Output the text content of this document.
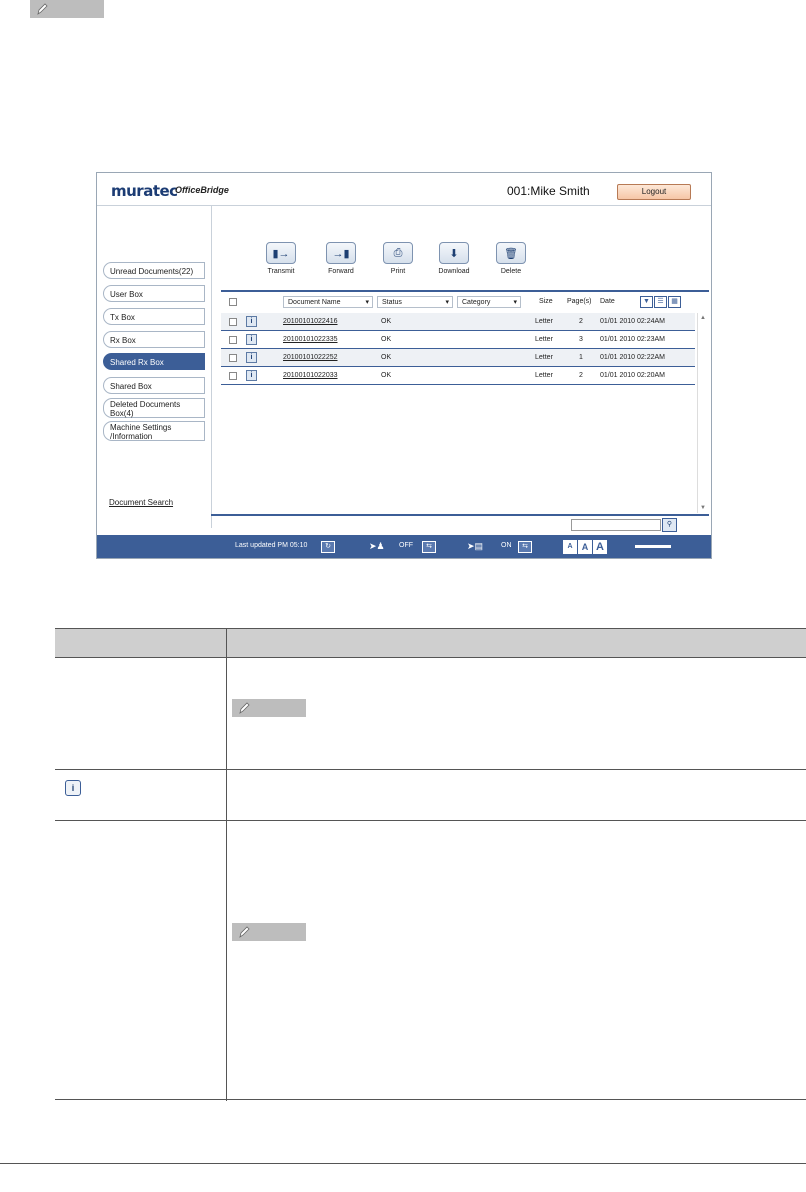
muratec
OfficeBridge	001:Mike Smith	Logout
Unread Documents(22)
User Box
Tx Box
Rx Box
Shared Rx Box
Shared Box
Deleted Documents Box(4)
Machine Settings /Information
Document Search
▮→
Transmit
→▮
Forward
⎙
Print
⬇
Download
🗑
Delete
Document Name ▾	Status ▾	Category ▾	Size Page(s) Date	▼	☰	▦
i	20100101022416	OK	Letter	2 01/01 2010 02:24AM
i	20100101022335	OK	Letter	3 01/01 2010 02:23AM
i	20100101022252	OK	Letter	1 01/01 2010 02:22AM
i	20100101022033	OK	Letter	2 01/01 2010 02:20AM
▲
▼
⚲
Last updated PM 05:10	↻	➤♟ OFF	⇆	➤▤	ON	⇆	A	A A
i
